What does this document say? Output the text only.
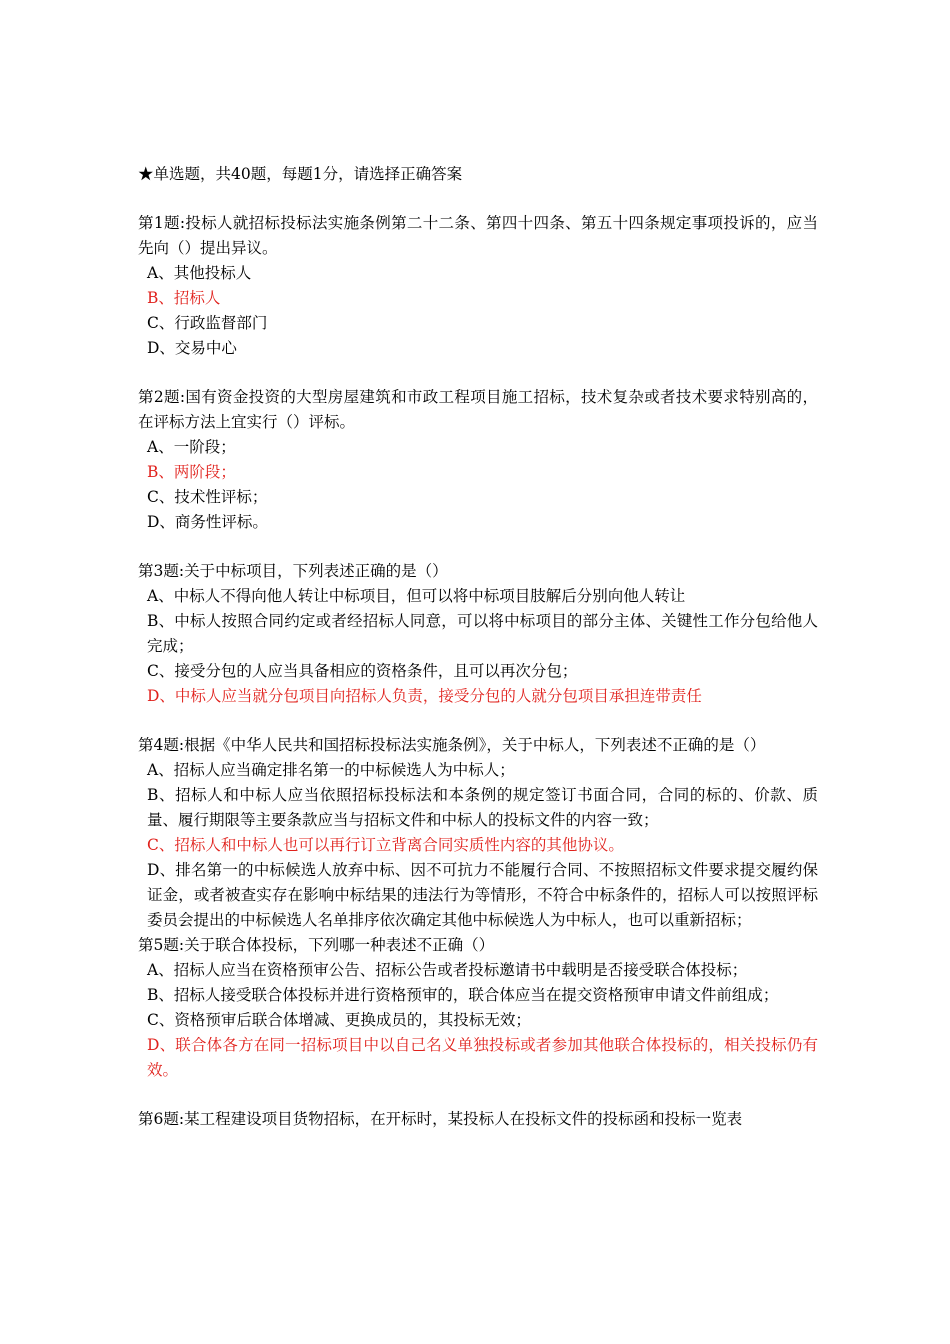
★单选题，共40题，每题1分，请选择正确答案
第1题:投标人就招标投标法实施条例第二十二条、第四十四条、第五十四条规定事项投诉的，应当先向（）提出异议。
A、其他投标人
B、招标人
C、行政监督部门
D、交易中心
第2题:国有资金投资的大型房屋建筑和市政工程项目施工招标，技术复杂或者技术要求特别高的，在评标方法上宜实行（）评标。
A、一阶段；
B、两阶段；
C、技术性评标；
D、商务性评标。
第3题:关于中标项目，下列表述正确的是（）
A、中标人不得向他人转让中标项目，但可以将中标项目肢解后分别向他人转让
B、中标人按照合同约定或者经招标人同意，可以将中标项目的部分主体、关键性工作分包给他人完成；
C、接受分包的人应当具备相应的资格条件，且可以再次分包；
D、中标人应当就分包项目向招标人负责，接受分包的人就分包项目承担连带责任
第4题:根据《中华人民共和国招标投标法实施条例》，关于中标人，下列表述不正确的是（）
A、招标人应当确定排名第一的中标候选人为中标人；
B、招标人和中标人应当依照招标投标法和本条例的规定签订书面合同，合同的标的、价款、质量、履行期限等主要条款应当与招标文件和中标人的投标文件的内容一致；
C、招标人和中标人也可以再行订立背离合同实质性内容的其他协议。
D、排名第一的中标候选人放弃中标、因不可抗力不能履行合同、不按照招标文件要求提交履约保证金，或者被查实存在影响中标结果的违法行为等情形，不符合中标条件的，招标人可以按照评标委员会提出的中标候选人名单排序依次确定其他中标候选人为中标人，也可以重新招标；
第5题:关于联合体投标，下列哪一种表述不正确（）
A、招标人应当在资格预审公告、招标公告或者投标邀请书中载明是否接受联合体投标；
B、招标人接受联合体投标并进行资格预审的，联合体应当在提交资格预审申请文件前组成；
C、资格预审后联合体增减、更换成员的，其投标无效；
D、联合体各方在同一招标项目中以自己名义单独投标或者参加其他联合体投标的，相关投标仍有效。
第6题:某工程建设项目货物招标，在开标时，某投标人在投标文件的投标函和投标一览表
